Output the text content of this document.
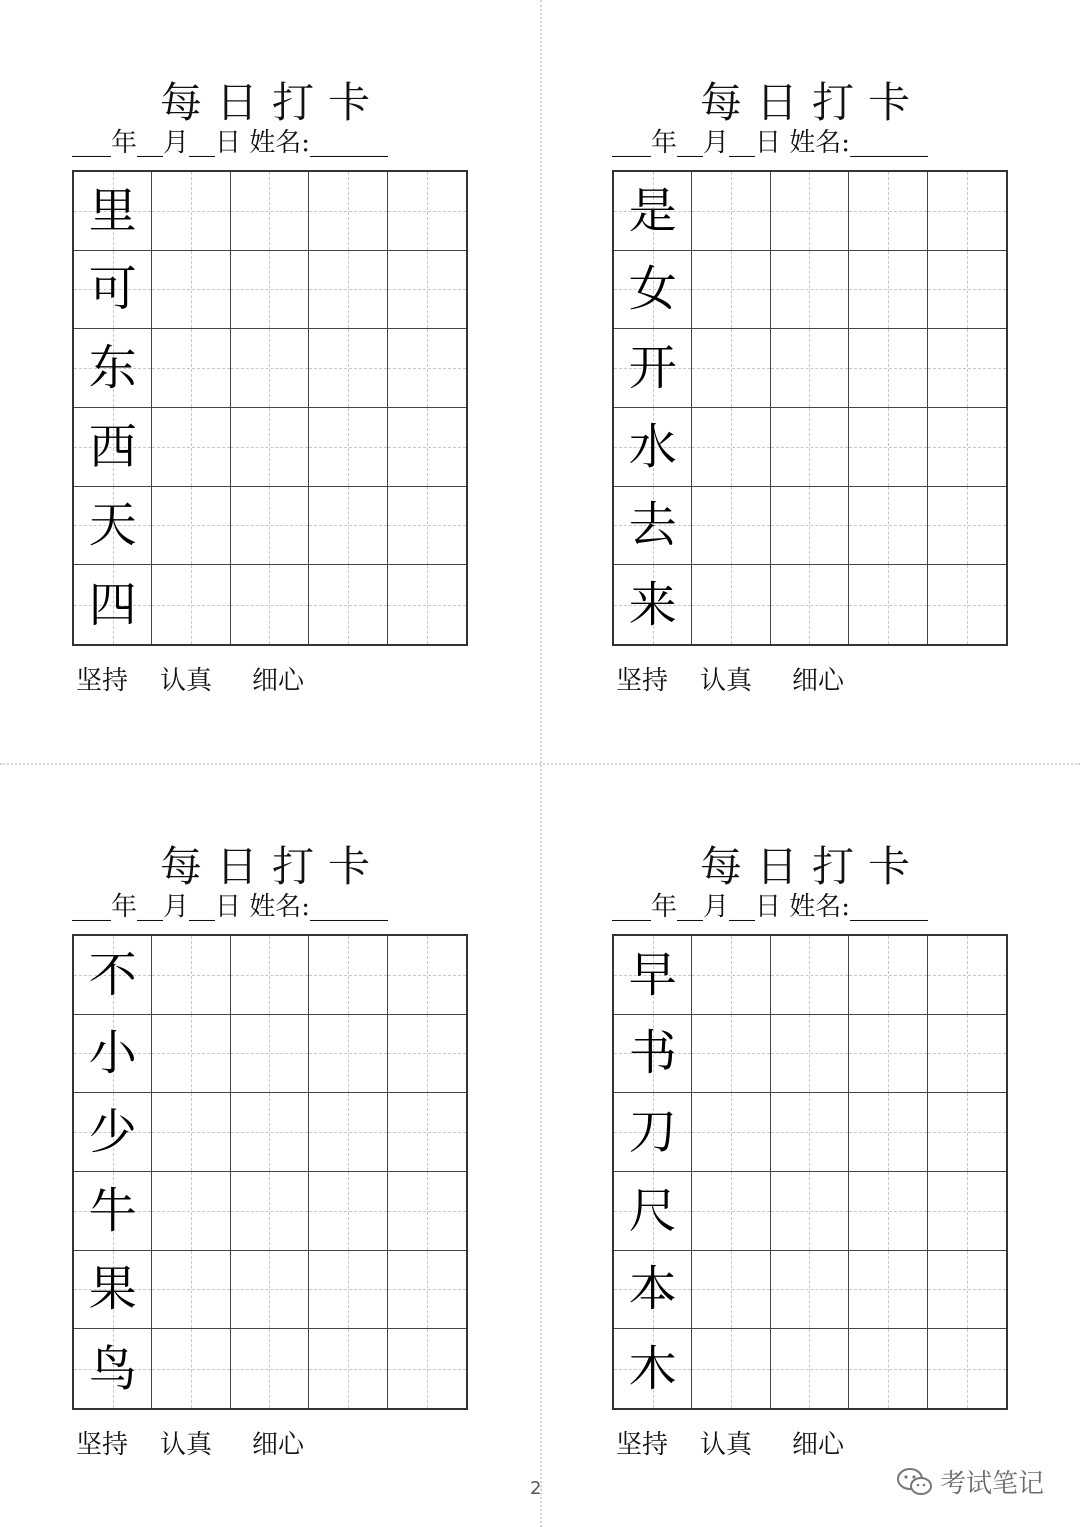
每日打卡
___年__月__日 姓名:______
里
可
东
西
天
四
坚持 认真 细心
每日打卡
___年__月__日 姓名:______
是
女
开
水
去
来
坚持 认真 细心
每日打卡
___年__月__日 姓名:______
不
小
少
牛
果
鸟
坚持 认真 细心
每日打卡
___年__月__日 姓名:______
早
书
刀
尺
本
木
坚持 认真 细心
2	考试笔记
